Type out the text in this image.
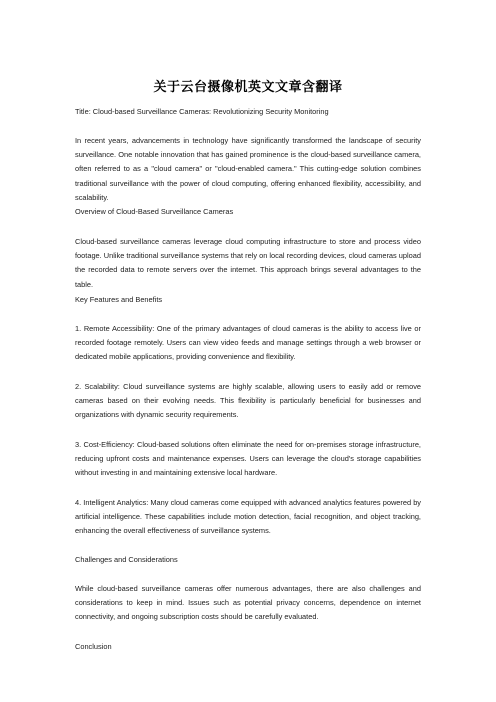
关于云台摄像机英文文章含翻译
Title: Cloud-based Surveillance Cameras: Revolutionizing Security Monitoring
In recent years, advancements in technology have significantly transformed the landscape of security surveillance. One notable innovation that has gained prominence is the cloud-based surveillance camera, often referred to as a "cloud camera" or "cloud-enabled camera." This cutting-edge solution combines traditional surveillance with the power of cloud computing, offering enhanced flexibility, accessibility, and scalability.
Overview of Cloud-Based Surveillance Cameras
Cloud-based surveillance cameras leverage cloud computing infrastructure to store and process video footage. Unlike traditional surveillance systems that rely on local recording devices, cloud cameras upload the recorded data to remote servers over the internet. This approach brings several advantages to the table.
Key Features and Benefits
1. Remote Accessibility: One of the primary advantages of cloud cameras is the ability to access live or recorded footage remotely. Users can view video feeds and manage settings through a web browser or dedicated mobile applications, providing convenience and flexibility.
2. Scalability: Cloud surveillance systems are highly scalable, allowing users to easily add or remove cameras based on their evolving needs. This flexibility is particularly beneficial for businesses and organizations with dynamic security requirements.
3. Cost-Efficiency: Cloud-based solutions often eliminate the need for on-premises storage infrastructure, reducing upfront costs and maintenance expenses. Users can leverage the cloud's storage capabilities without investing in and maintaining extensive local hardware.
4. Intelligent Analytics: Many cloud cameras come equipped with advanced analytics features powered by artificial intelligence. These capabilities include motion detection, facial recognition, and object tracking, enhancing the overall effectiveness of surveillance systems.
Challenges and Considerations
While cloud-based surveillance cameras offer numerous advantages, there are also challenges and considerations to keep in mind. Issues such as potential privacy concerns, dependence on internet connectivity, and ongoing subscription costs should be carefully evaluated.
Conclusion
